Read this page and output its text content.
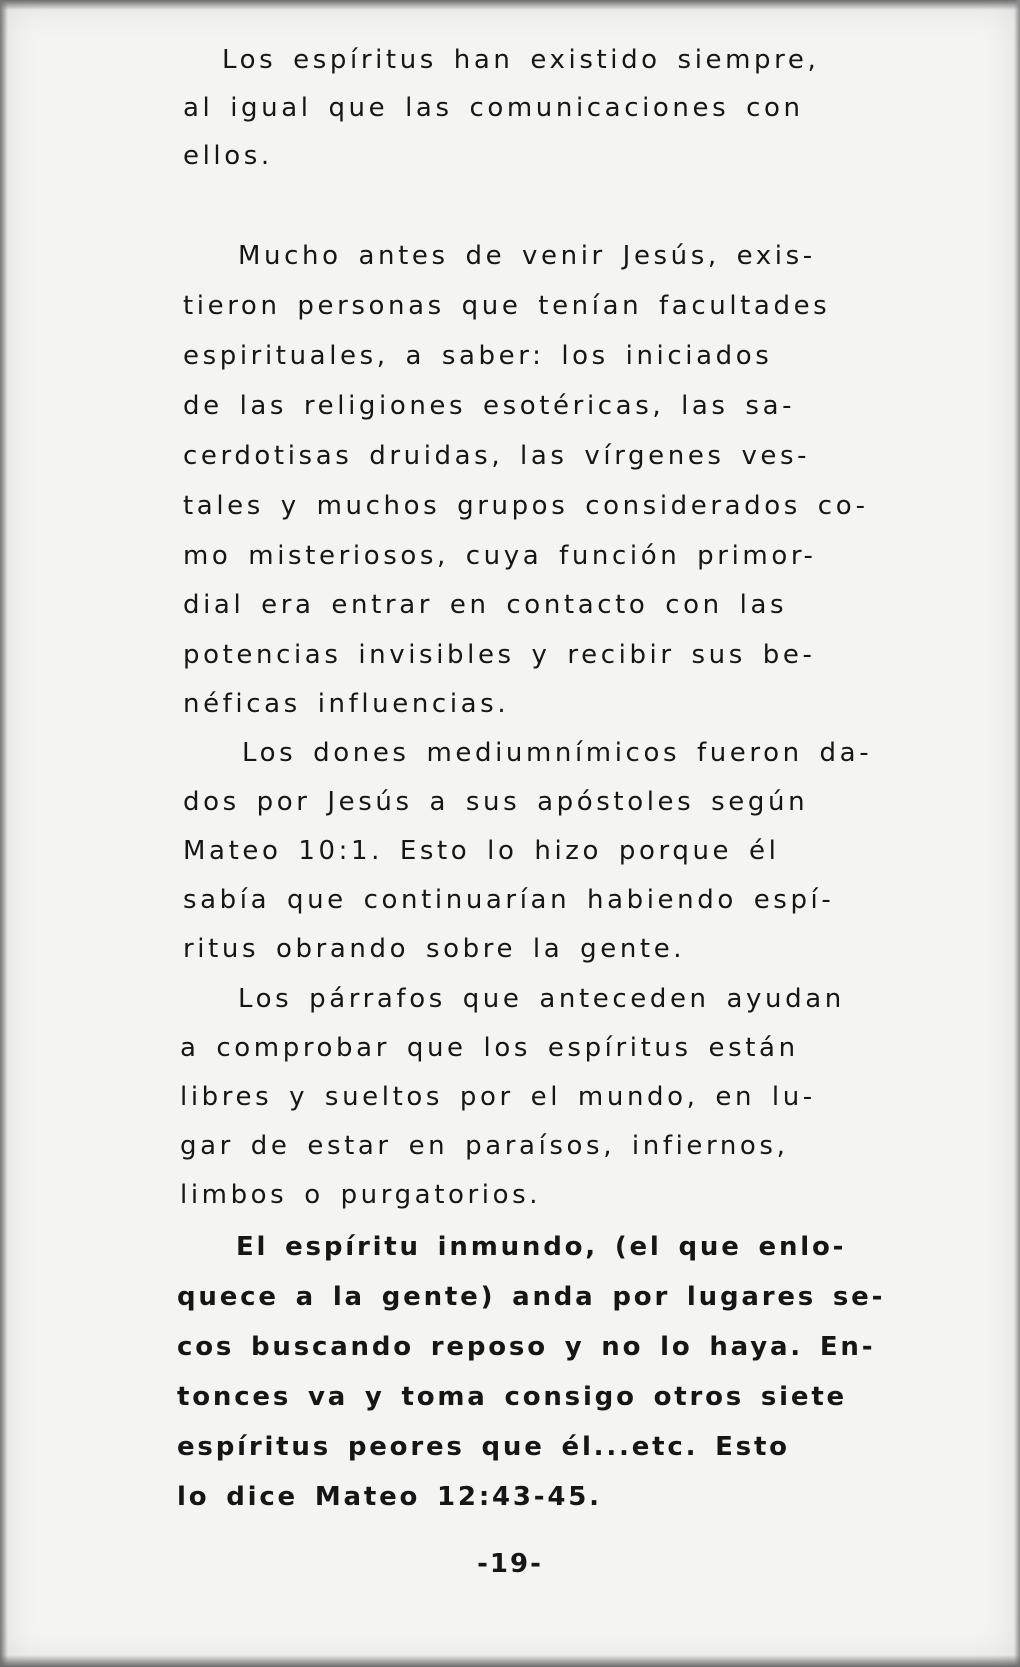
Los espíritus han existido siempre,
al igual que las comunicaciones con
ellos.
Mucho antes de venir Jesús, exis-
tieron personas que tenían facultades
espirituales, a saber: los iniciados
de las religiones esotéricas, las sa-
cerdotisas druidas, las vírgenes ves-
tales y muchos grupos considerados co-
mo misteriosos, cuya función primor-
dial era entrar en contacto con las
potencias invisibles y recibir sus be-
néficas influencias.
Los dones mediumnímicos fueron da-
dos por Jesús a sus apóstoles según
Mateo 10:1. Esto lo hizo porque él
sabía que continuarían habiendo espí-
ritus obrando sobre la gente.
Los párrafos que anteceden ayudan
a comprobar que los espíritus están
libres y sueltos por el mundo, en lu-
gar de estar en paraísos, infiernos,
limbos o purgatorios.
El espíritu inmundo, (el que enlo-
quece a la gente) anda por lugares se-
cos buscando reposo y no lo haya. En-
tonces va y toma consigo otros siete
espíritus peores que él...etc. Esto
lo dice Mateo 12:43-45.
-19-
